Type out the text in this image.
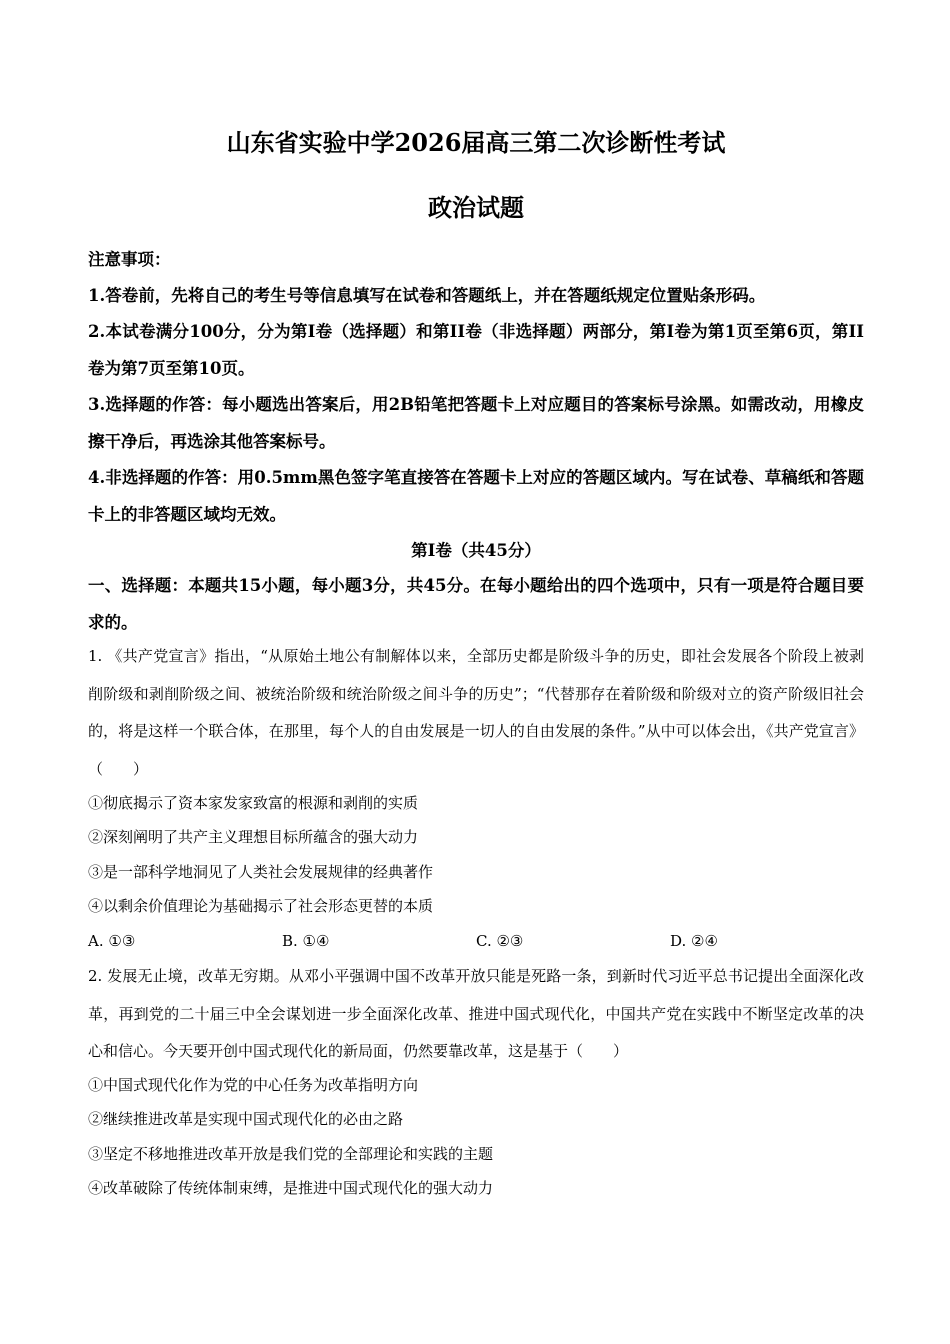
山东省实验中学2026届高三第二次诊断性考试
政治试题
注意事项：
1.答卷前，先将自己的考生号等信息填写在试卷和答题纸上，并在答题纸规定位置贴条形码。
2.本试卷满分100分，分为第Ⅰ卷（选择题）和第II卷（非选择题）两部分，第Ⅰ卷为第1页至第6页，第II卷为第7页至第10页。
3.选择题的作答：每小题选出答案后，用2B铅笔把答题卡上对应题目的答案标号涂黑。如需改动，用橡皮擦干净后，再选涂其他答案标号。
4.非选择题的作答：用0.5mm黑色签字笔直接答在答题卡上对应的答题区域内。写在试卷、草稿纸和答题卡上的非答题区域均无效。
第Ⅰ卷（共45分）
一、选择题：本题共15小题，每小题3分，共45分。在每小题给出的四个选项中，只有一项是符合题目要求的。
1. 《共产党宣言》指出，“从原始土地公有制解体以来，全部历史都是阶级斗争的历史，即社会发展各个阶段上被剥削阶级和剥削阶级之间、被统治阶级和统治阶级之间斗争的历史”；“代替那存在着阶级和阶级对立的资产阶级旧社会的，将是这样一个联合体，在那里，每个人的自由发展是一切人的自由发展的条件。”从中可以体会出，《共产党宣言》（　　）
①彻底揭示了资本家发家致富的根源和剥削的实质
②深刻阐明了共产主义理想目标所蕴含的强大动力
③是一部科学地洞见了人类社会发展规律的经典著作
④以剩余价值理论为基础揭示了社会形态更替的本质
A. ①③	B. ①④	C. ②③	D. ②④
2. 发展无止境，改革无穷期。从邓小平强调中国不改革开放只能是死路一条，到新时代习近平总书记提出全面深化改革，再到党的二十届三中全会谋划进一步全面深化改革、推进中国式现代化，中国共产党在实践中不断坚定改革的决心和信心。今天要开创中国式现代化的新局面，仍然要靠改革，这是基于（　　）
①中国式现代化作为党的中心任务为改革指明方向
②继续推进改革是实现中国式现代化的必由之路
③坚定不移地推进改革开放是我们党的全部理论和实践的主题
④改革破除了传统体制束缚，是推进中国式现代化的强大动力
